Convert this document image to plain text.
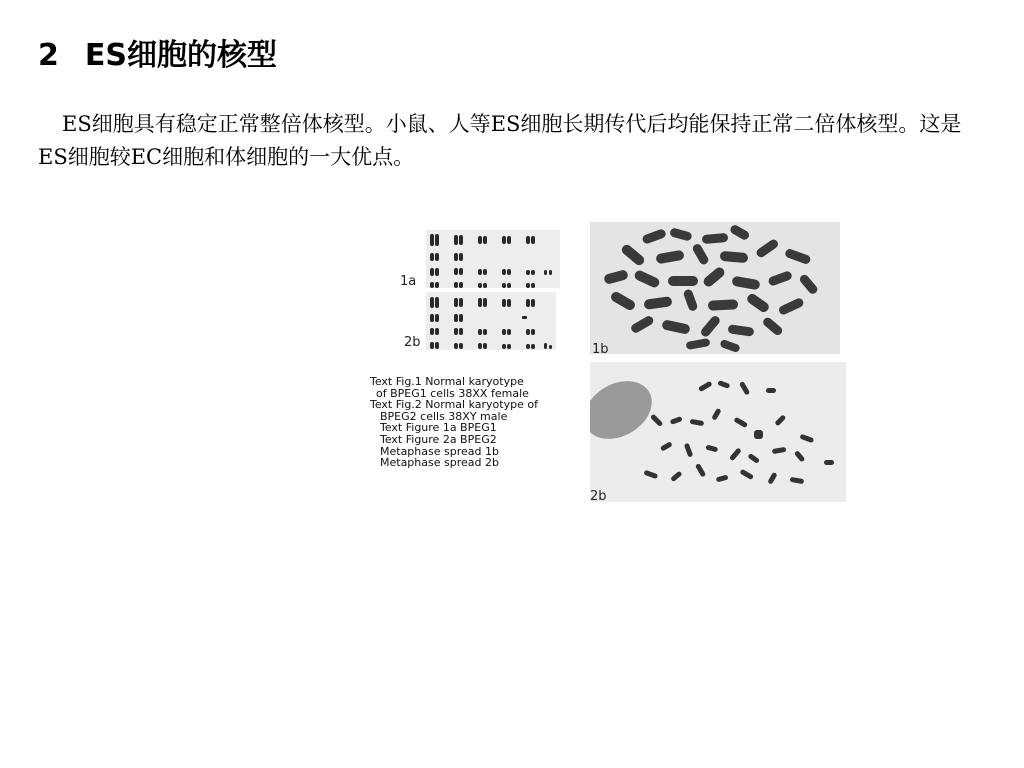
2 ES细胞的核型

ES细胞具有稳定正常整倍体核型。小鼠、人等ES细胞长期传代后均能保持正常二倍体核型。这是ES细胞较EC细胞和体细胞的一大优点。

1a
2b	1b
Text Fig.1 Normal karyotype
of BPEG1 cells 38XX female
Text Fig.2 Normal karyotype of
BPEG2 cells 38XY male
Text Figure 1a BPEG1
Text Figure 2a BPEG2
Metaphase spread 1b
Metaphase spread 2b
2b
